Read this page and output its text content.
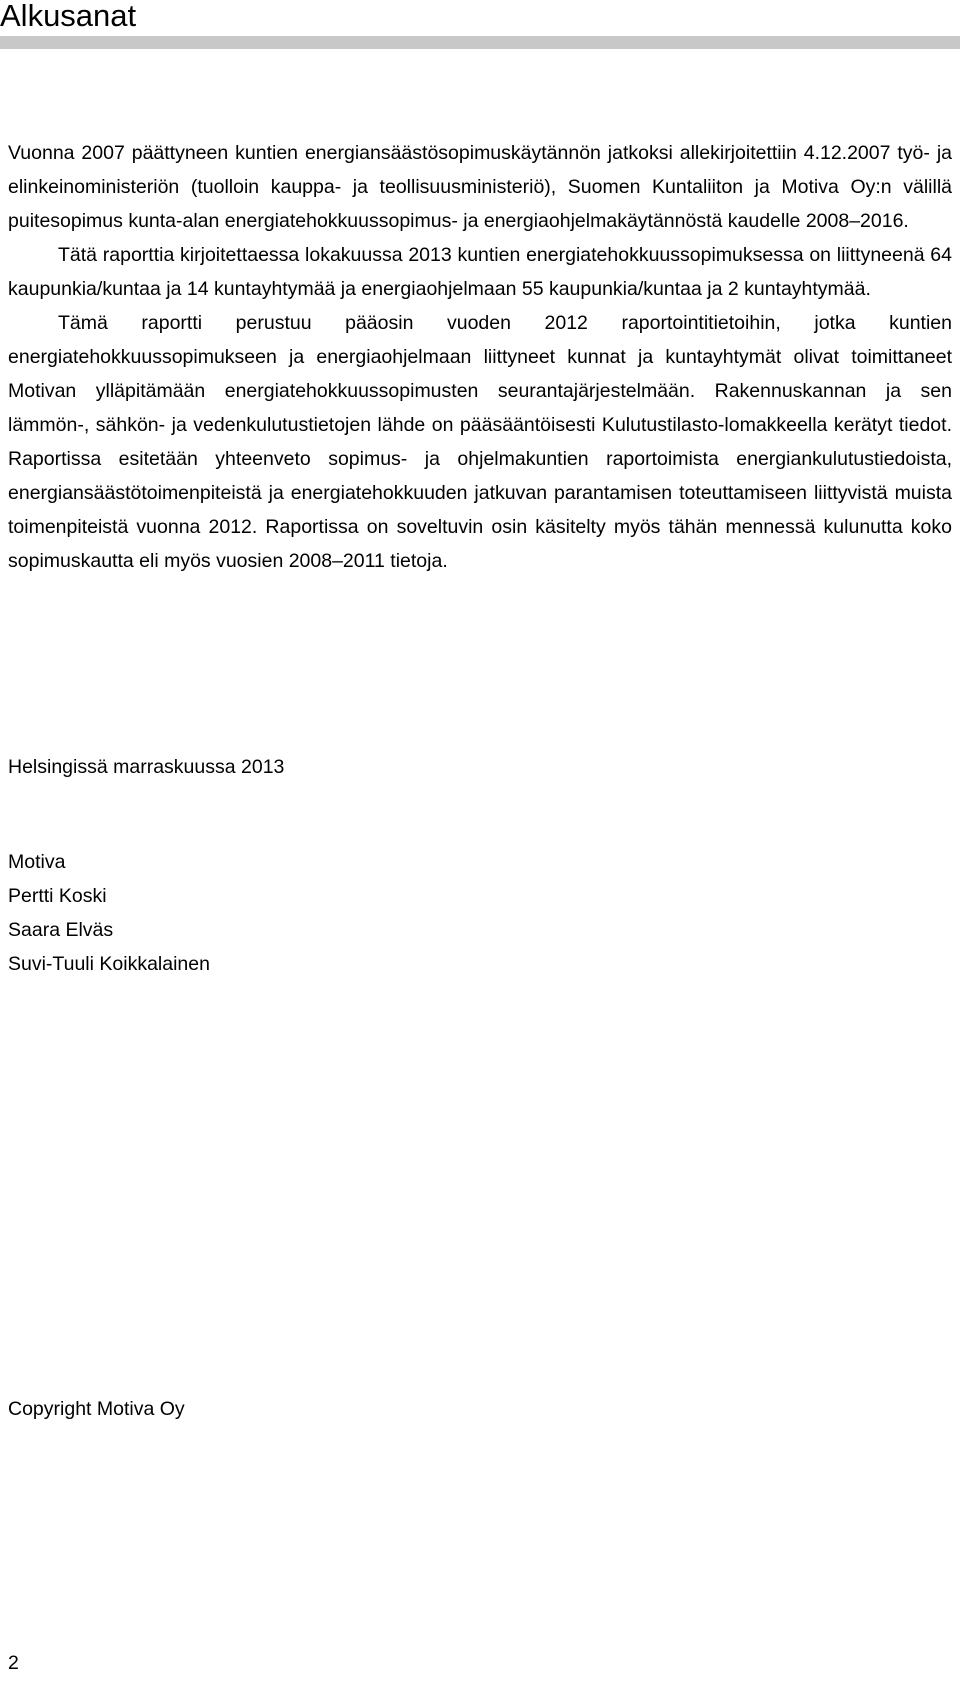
Alkusanat

Vuonna 2007 päättyneen kuntien energiansäästösopimuskäytännön jatkoksi allekirjoitettiin 4.12.2007 työ- ja elinkeinoministeriön (tuolloin kauppa- ja teollisuusministeriö), Suomen Kuntaliiton ja Motiva Oy:n välillä puitesopimus kunta-alan energiatehokkuussopimus- ja energiaohjelmakäytännöstä kaudelle 2008–2016.

Tätä raporttia kirjoitettaessa lokakuussa 2013 kuntien energiatehokkuussopimuksessa on liittyneenä 64 kaupunkia/kuntaa ja 14 kuntayhtymää ja energiaohjelmaan 55 kaupunkia/kuntaa ja 2 kuntayhtymää.

Tämä raportti perustuu pääosin vuoden 2012 raportointitietoihin, jotka kuntien energiatehokkuussopimukseen ja energiaohjelmaan liittyneet kunnat ja kuntayhtymät olivat toimittaneet Motivan ylläpitämään energiatehokkuussopimusten seurantajärjestelmään. Rakennuskannan ja sen lämmön-, sähkön- ja vedenkulutustietojen lähde on pääsääntöisesti Kulutustilasto-lomakkeella kerätyt tiedot. Raportissa esitetään yhteenveto sopimus- ja ohjelmakuntien raportoimista energiankulutustiedoista, energiansäästötoimenpiteistä ja energiatehokkuuden jatkuvan parantamisen toteuttamiseen liittyvistä muista toimenpiteistä vuonna 2012. Raportissa on soveltuvin osin käsitelty myös tähän mennessä kulunutta koko sopimuskautta eli myös vuosien 2008–2011 tietoja.

Helsingissä marraskuussa 2013
Motiva
Pertti Koski
Saara Elväs
Suvi-Tuuli Koikkalainen
Copyright Motiva Oy
2
